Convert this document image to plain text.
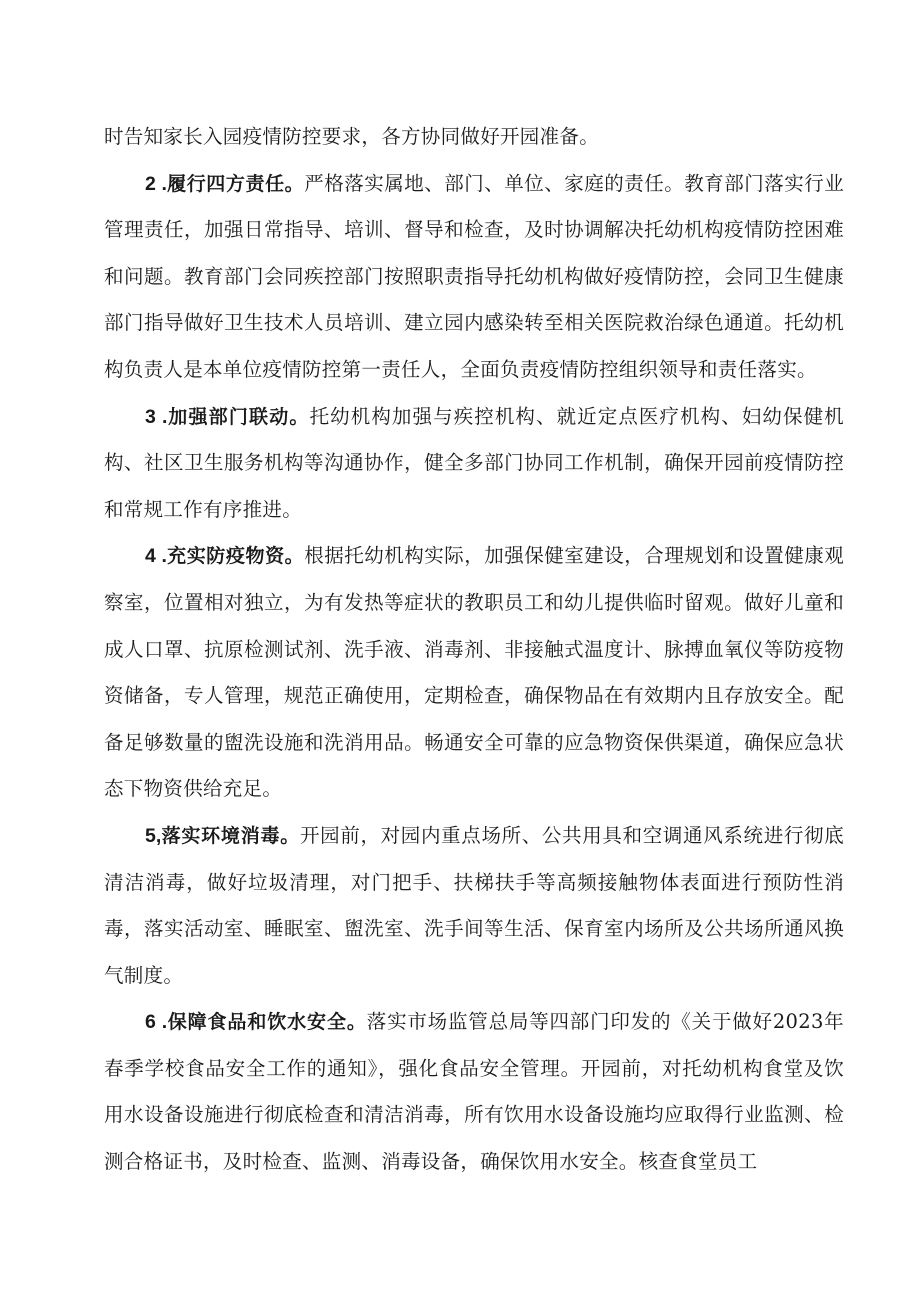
时告知家长入园疫情防控要求，各方协同做好开园准备。

2 .履行四方责任。严格落实属地、部门、单位、家庭的责任。教育部门落实行业管理责任，加强日常指导、培训、督导和检查，及时协调解决托幼机构疫情防控困难和问题。教育部门会同疾控部门按照职责指导托幼机构做好疫情防控，会同卫生健康部门指导做好卫生技术人员培训、建立园内感染转至相关医院救治绿色通道。托幼机构负责人是本单位疫情防控第一责任人，全面负责疫情防控组织领导和责任落实。

3 .加强部门联动。托幼机构加强与疾控机构、就近定点医疗机构、妇幼保健机构、社区卫生服务机构等沟通协作，健全多部门协同工作机制，确保开园前疫情防控和常规工作有序推进。

4 .充实防疫物资。根据托幼机构实际，加强保健室建设，合理规划和设置健康观察室，位置相对独立，为有发热等症状的教职员工和幼儿提供临时留观。做好儿童和成人口罩、抗原检测试剂、洗手液、消毒剂、非接触式温度计、脉搏血氧仪等防疫物资储备，专人管理，规范正确使用，定期检查，确保物品在有效期内且存放安全。配备足够数量的盥洗设施和洗消用品。畅通安全可靠的应急物资保供渠道，确保应急状态下物资供给充足。

5,落实环境消毒。开园前，对园内重点场所、公共用具和空调通风系统进行彻底清洁消毒，做好垃圾清理，对门把手、扶梯扶手等高频接触物体表面进行预防性消毒，落实活动室、睡眠室、盥洗室、洗手间等生活、保育室内场所及公共场所通风换气制度。

6 .保障食品和饮水安全。落实市场监管总局等四部门印发的《关于做好2023年春季学校食品安全工作的通知》，强化食品安全管理。开园前，对托幼机构食堂及饮用水设备设施进行彻底检查和清洁消毒，所有饮用水设备设施均应取得行业监测、检测合格证书，及时检查、监测、消毒设备，确保饮用水安全。核查食堂员工
